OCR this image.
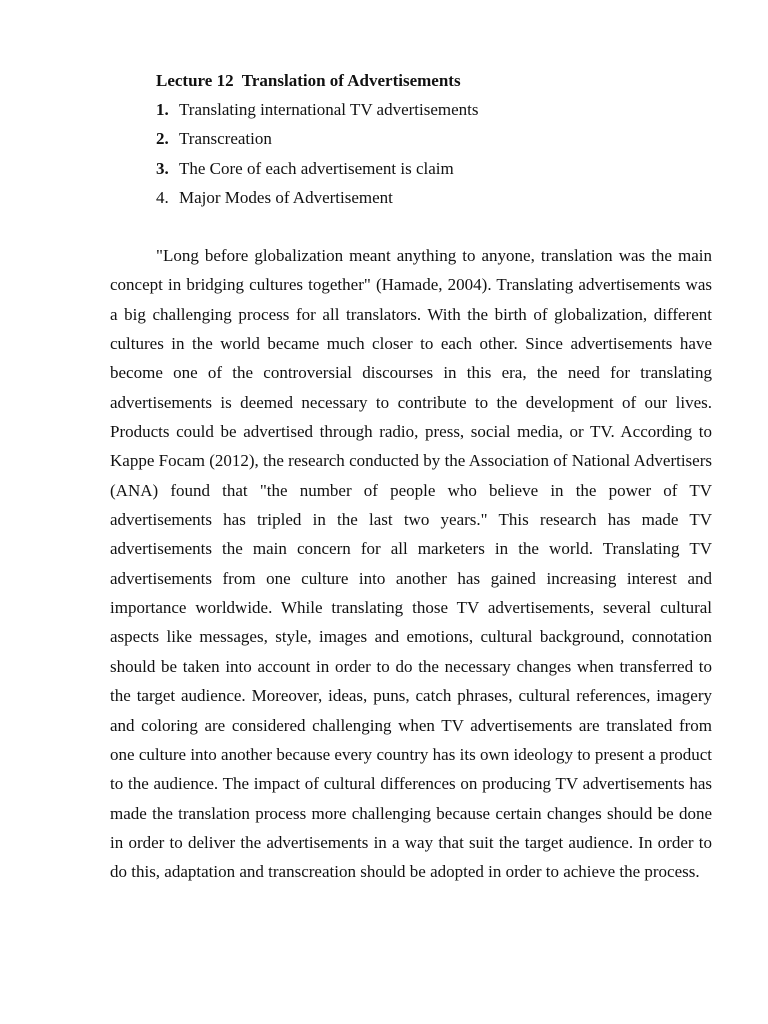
Lecture 12  Translation of Advertisements
1. Translating international TV advertisements
2. Transcreation
3. The Core of each advertisement is claim
4. Major Modes of Advertisement

"Long before globalization meant anything to anyone, translation was the main concept in bridging cultures together" (Hamade, 2004). Translating advertisements was a big challenging process for all translators. With the birth of globalization, different cultures in the world became much closer to each other. Since advertisements have become one of the controversial discourses in this era, the need for translating advertisements is deemed necessary to contribute to the development of our lives. Products could be advertised through radio, press, social media, or TV. According to Kappe Focam (2012), the research conducted by the Association of National Advertisers (ANA) found that "the number of people who believe in the power of TV advertisements has tripled in the last two years." This research has made TV advertisements the main concern for all marketers in the world. Translating TV advertisements from one culture into another has gained increasing interest and importance worldwide. While translating those TV advertisements, several cultural aspects like messages, style, images and emotions, cultural background, connotation should be taken into account in order to do the necessary changes when transferred to the target audience. Moreover, ideas, puns, catch phrases, cultural references, imagery and coloring are considered challenging when TV advertisements are translated from one culture into another because every country has its own ideology to present a product to the audience. The impact of cultural differences on producing TV advertisements has made the translation process more challenging because certain changes should be done in order to deliver the advertisements in a way that suit the target audience. In order to do this, adaptation and transcreation should be adopted in order to achieve the process.
